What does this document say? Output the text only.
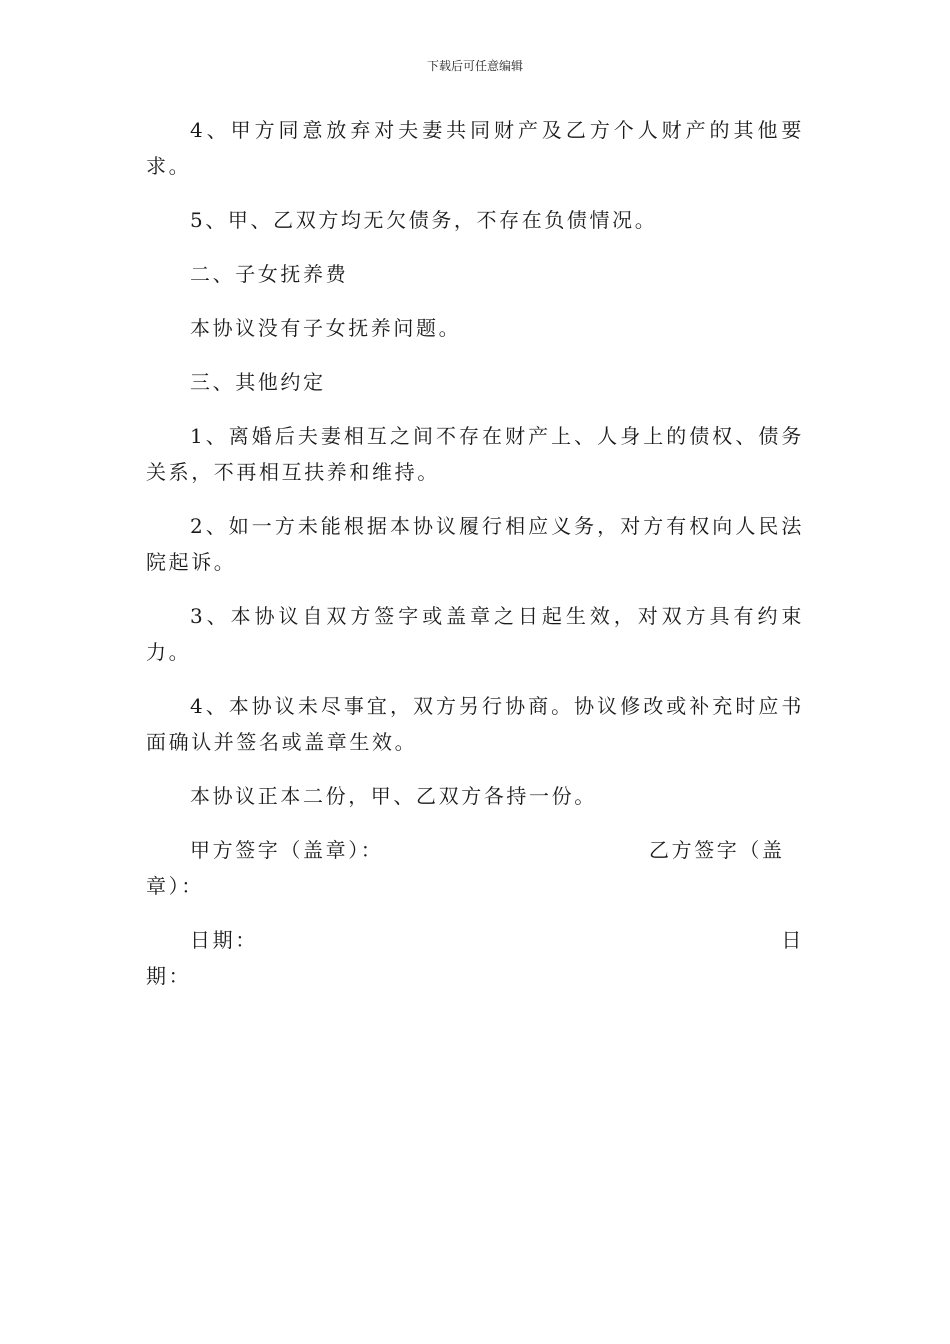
下载后可任意编辑

4、甲方同意放弃对夫妻共同财产及乙方个人财产的其他要求。

5、甲、乙双方均无欠债务，不存在负债情况。

二、子女抚养费

本协议没有子女抚养问题。

三、其他约定

1、离婚后夫妻相互之间不存在财产上、人身上的债权、债务关系，不再相互扶养和维持。

2、如一方未能根据本协议履行相应义务，对方有权向人民法院起诉。

3、本协议自双方签字或盖章之日起生效，对双方具有约束力。

4、本协议未尽事宜，双方另行协商。协议修改或补充时应书面确认并签名或盖章生效。

本协议正本二份，甲、乙双方各持一份。

甲方签字（盖章）：	乙方签字（盖
章）：
日期：	日
期：
